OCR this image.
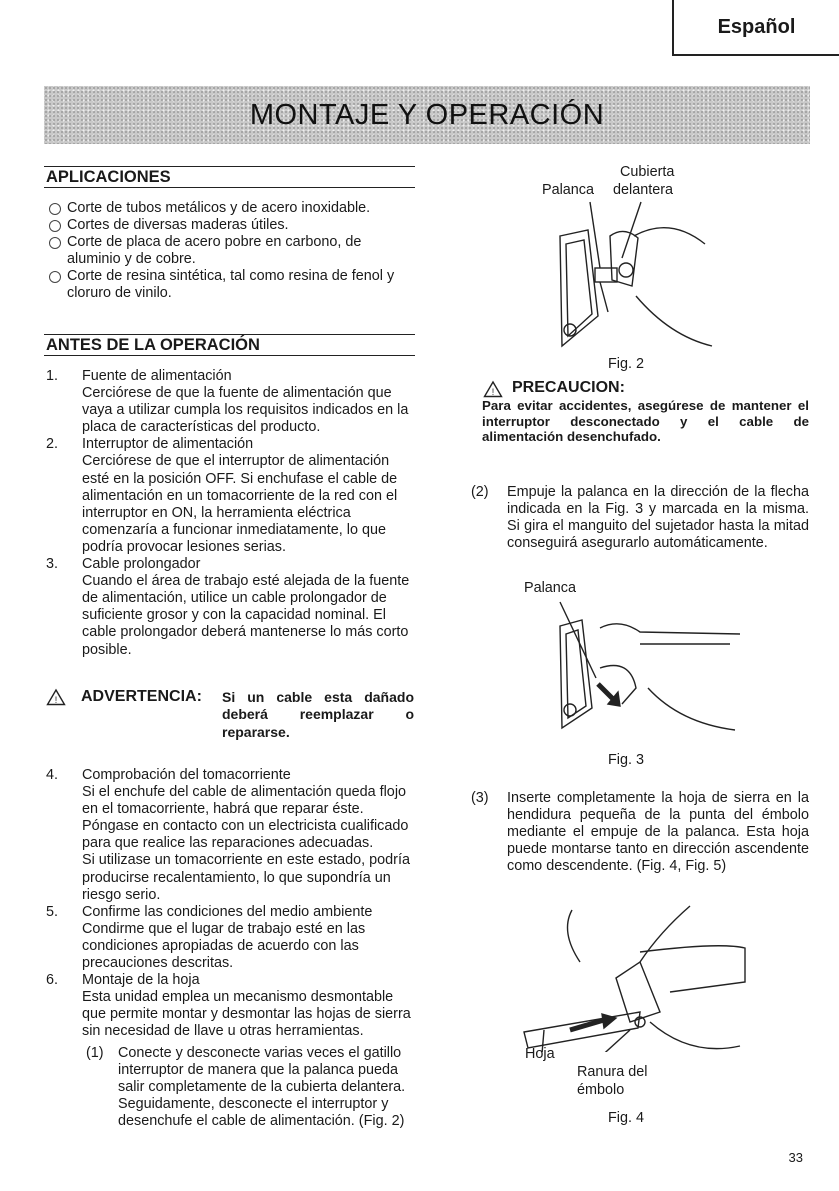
Español
MONTAJE Y OPERACIÓN
APLICACIONES
Corte de tubos metálicos y de acero inoxidable.
Cortes de diversas maderas útiles.
Corte de placa de acero pobre en carbono, de aluminio y de cobre.
Corte de resina sintética, tal como resina de fenol y cloruro de vinilo.
ANTES DE LA OPERACIÓN
1. Fuente de alimentación
Cerciórese de que la fuente de alimentación que vaya a utilizar cumpla los requisitos indicados en la placa de características del producto.
2. Interruptor de alimentación
Cerciórese de que el interruptor de alimentación esté en la posición OFF. Si enchufase el cable de alimentación en un tomacorriente de la red con el interruptor en ON, la herramienta eléctrica comenzaría a funcionar inmediatamente, lo que podría provocar lesiones serias.
3. Cable prolongador
Cuando el área de trabajo esté alejada de la fuente de alimentación, utilice un cable prolongador de suficiente grosor y con la capacidad nominal. El cable prolongador deberá mantenerse lo más corto posible.
! ADVERTENCIA: Si un cable esta dañado deberá reemplazar o repararse.
4. Comprobación del tomacorriente
Si el enchufe del cable de alimentación queda flojo en el tomacorriente, habrá que reparar éste. Póngase en contacto con un electricista cualificado para que realice las reparaciones adecuadas.
Si utilizase un tomacorriente en este estado, podría producirse recalentamiento, lo que supondría un riesgo serio.
5. Confirme las condiciones del medio ambiente
Condirme que el lugar de trabajo esté en las condiciones apropiadas de acuerdo con las precauciones descritas.
6. Montaje de la hoja
Esta unidad emplea un mecanismo desmontable que permite montar y desmontar las hojas de sierra sin necesidad de llave u otras herramientas.
(1)	Conecte y desconecte varias veces el gatillo interruptor de manera que la palanca pueda salir completamente de la cubierta delantera. Seguidamente, desconecte el interruptor y desenchufe el cable de alimentación. (Fig. 2)
Cubierta
Palanca delantera
Fig. 2
! PRECAUCION:
Para evitar accidentes, asegúrese de mantener el interruptor desconectado y el cable de alimentación desenchufado.
(2)	Empuje la palanca en la dirección de la flecha indicada en la Fig. 3 y marcada en la misma. Si gira el manguito del sujetador hasta la mitad conseguirá asegurarlo automáticamente.
Palanca
Fig. 3
(3)	Inserte completamente la hoja de sierra en la hendidura pequeña de la punta del émbolo mediante el empuje de la palanca. Esta hoja puede montarse tanto en dirección ascendente como descendente. (Fig. 4, Fig. 5)
Hoja
Ranura del
émbolo
Fig. 4
33
